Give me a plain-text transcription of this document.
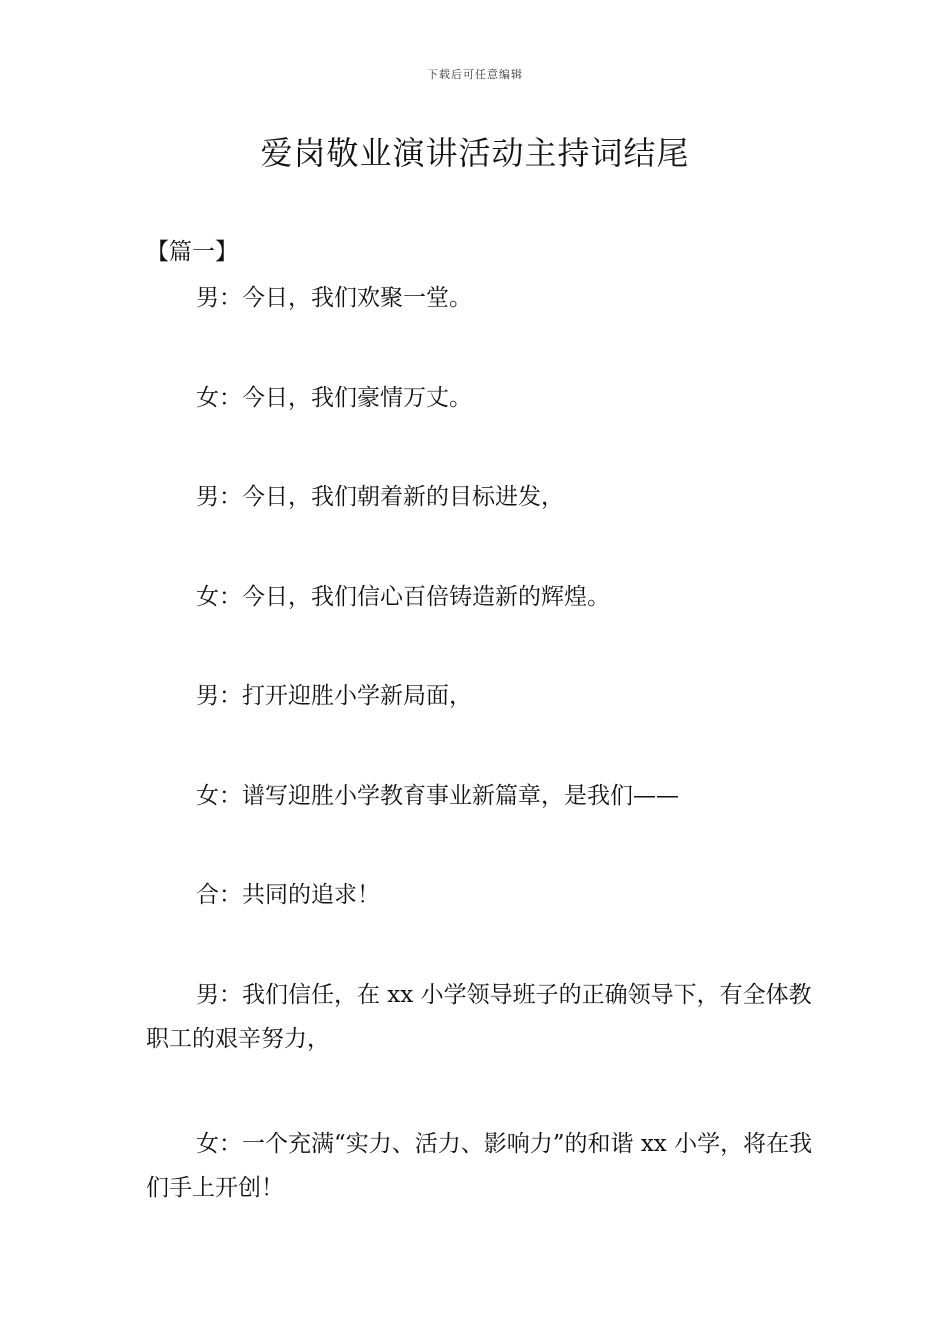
下载后可任意编辑
爱岗敬业演讲活动主持词结尾
【篇一】

男：今日，我们欢聚一堂。

女：今日，我们豪情万丈。

男：今日，我们朝着新的目标进发，

女：今日，我们信心百倍铸造新的辉煌。

男：打开迎胜小学新局面，

女：谱写迎胜小学教育事业新篇章，是我们——

合：共同的追求！

男：我们信任，在 xx 小学领导班子的正确领导下，有全体教职工的艰辛努力，

女：一个充满“实力、活力、影响力”的和谐 xx 小学，将在我们手上开创！
